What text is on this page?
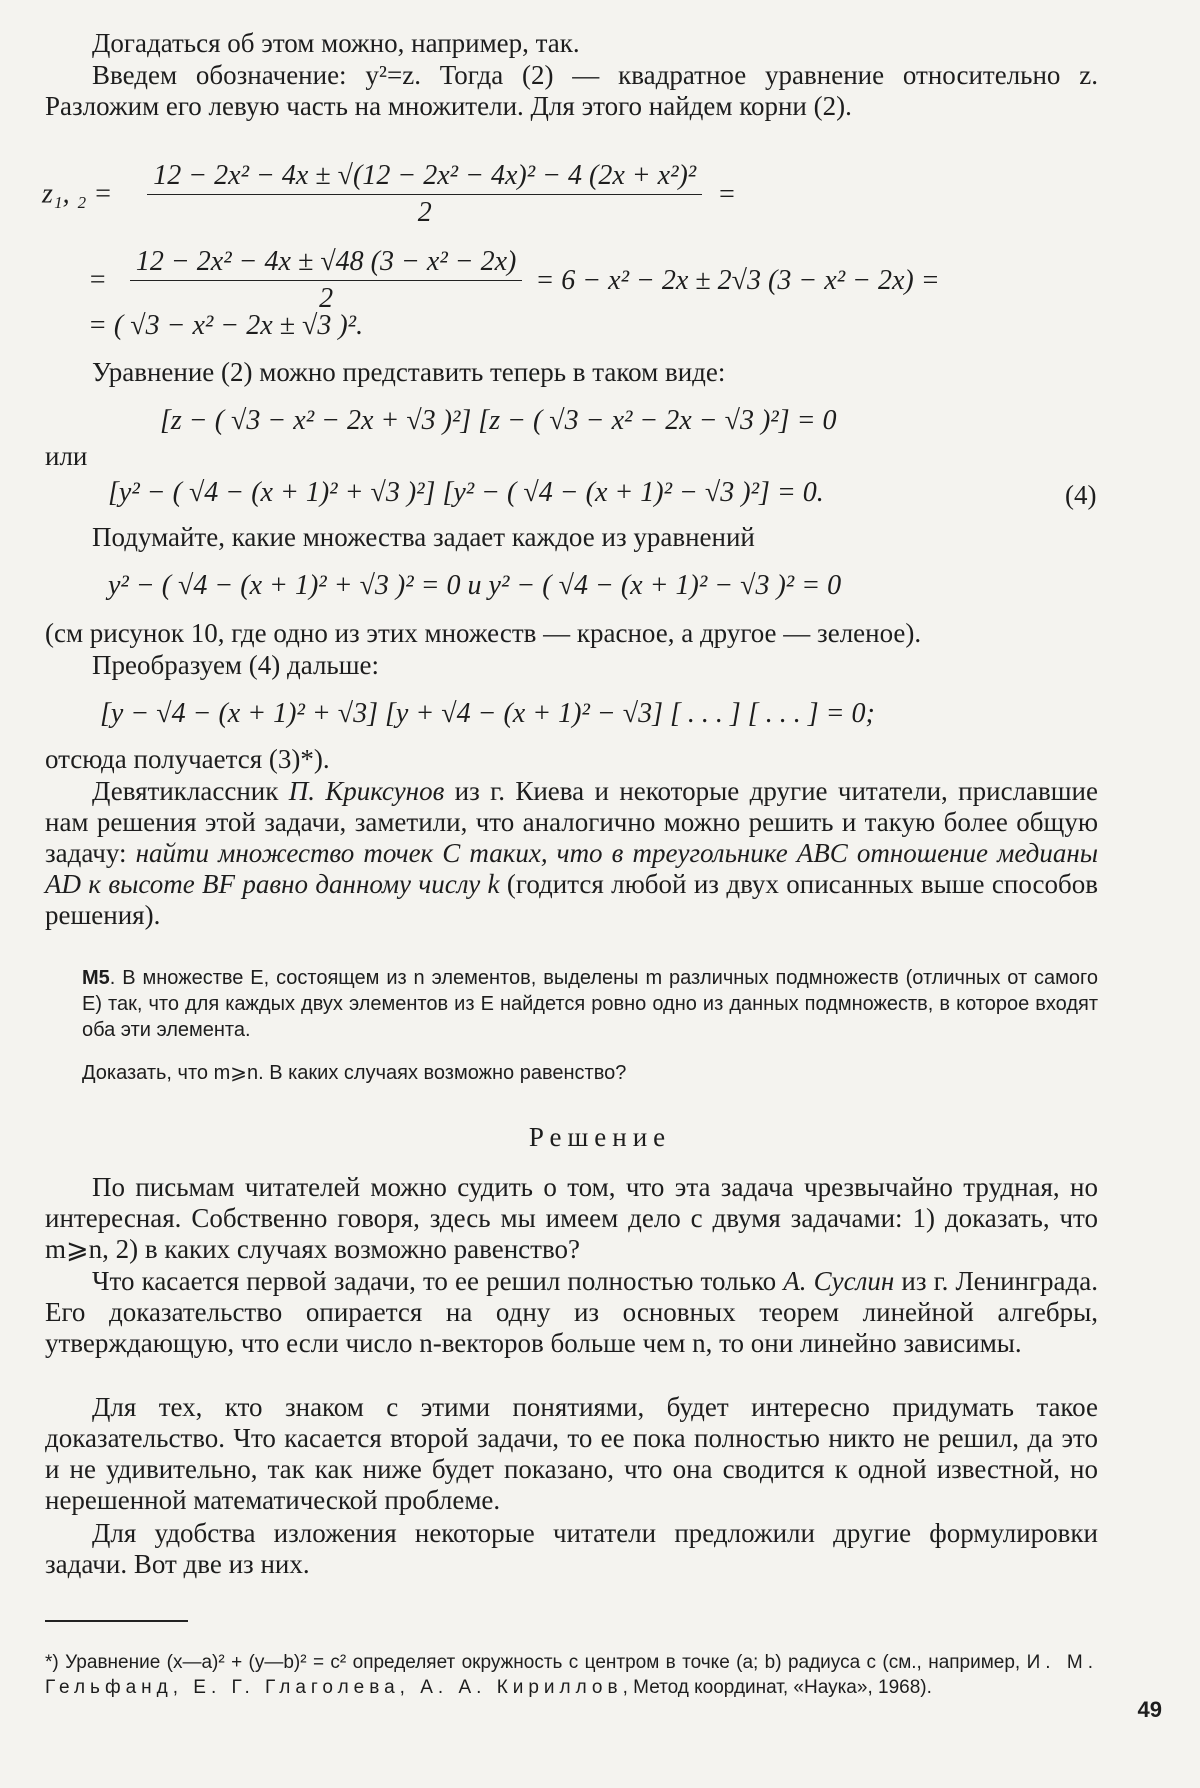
Догадаться об этом можно, например, так.
Введем обозначение: y²=z. Тогда (2) — квадратное уравнение относительно z. Разложим его левую часть на множители. Для этого найдем корни (2).
z₁, $_2 = \frac{\text{12 − 2x² − 4x ± √(12 − 2x² − 4x)² − 4 (2x + x²)²}}{2}$ =
= $\frac{\text{12 − 2x² − 4x ± √48 (3 − x² − 2x)}}{2} = 6 - x^2 - 2x \pm 2√3$ (3 − x² − 2x) =
= ( √3 − x² − 2x ± √3 )².
Уравнение (2) можно представить теперь в таком виде:
[z − ( √3 − x² − 2x + √3 )²] [z − ( √3 − x² − 2x − √3 )²] = 0
или
[y² − ( √4 − (x + 1)² + √3 )²] [y² − ( √4 − (x + 1)² − √3 )²] = 0.	(4)
Подумайте, какие множества задает каждое из уравнений
y² − ( √4 − (x + 1)² + √3 )² = 0 и y² − ( √4 − (x + 1)² − √3 )² = 0
(см рисунок 10, где одно из этих множеств — красное, а другое — зеленое).
Преобразуем (4) дальше:
[y − √4 − (x + 1)² + √3] [y + √4 − (x + 1)² − √3] [ . . . ] [ . . . ] = 0;
отсюда получается (3)*).
Девятиклассник П. Криксунов из г. Киева и некоторые другие читатели, приславшие нам решения этой задачи, заметили, что аналогично можно решить и такую более общую задачу: найти множество точек C таких, что в треугольнике ABC отношение медианы AD к высоте BF равно данному числу k (годится любой из двух описанных выше способов решения).
М5. В множестве E, состоящем из n элементов, выделены m различных подмножеств (отличных от самого E) так, что для каждых двух элементов из E найдется ровно одно из данных подмножеств, в которое входят оба эти элемента.
Доказать, что m⩾n. В каких случаях возможно равенство?
Решение
По письмам читателей можно судить о том, что эта задача чрезвычайно трудная, но интересная. Собственно говоря, здесь мы имеем дело с двумя задачами: 1) доказать, что m⩾n, 2) в каких случаях возможно равенство?
Что касается первой задачи, то ее решил полностью только А. Суслин из г. Ленинграда. Его доказательство опирается на одну из основных теорем линейной алгебры, утверждающую, что если число n-векторов больше чем n, то они линейно зависимы.
Для тех, кто знаком с этими понятиями, будет интересно придумать такое доказательство. Что касается второй задачи, то ее пока полностью никто не решил, да это и не удивительно, так как ниже будет показано, что она сводится к одной известной, но нерешенной математической проблеме.
Для удобства изложения некоторые читатели предложили другие формулировки задачи. Вот две из них.
*) Уравнение (x—a)² + (y—b)² = c² определяет окружность с центром в точке (a; b) радиуса c (см., например, И. М. Гельфанд, Е. Г. Глаголева, А. А. Кириллов, Метод координат, «Наука», 1968).
49
